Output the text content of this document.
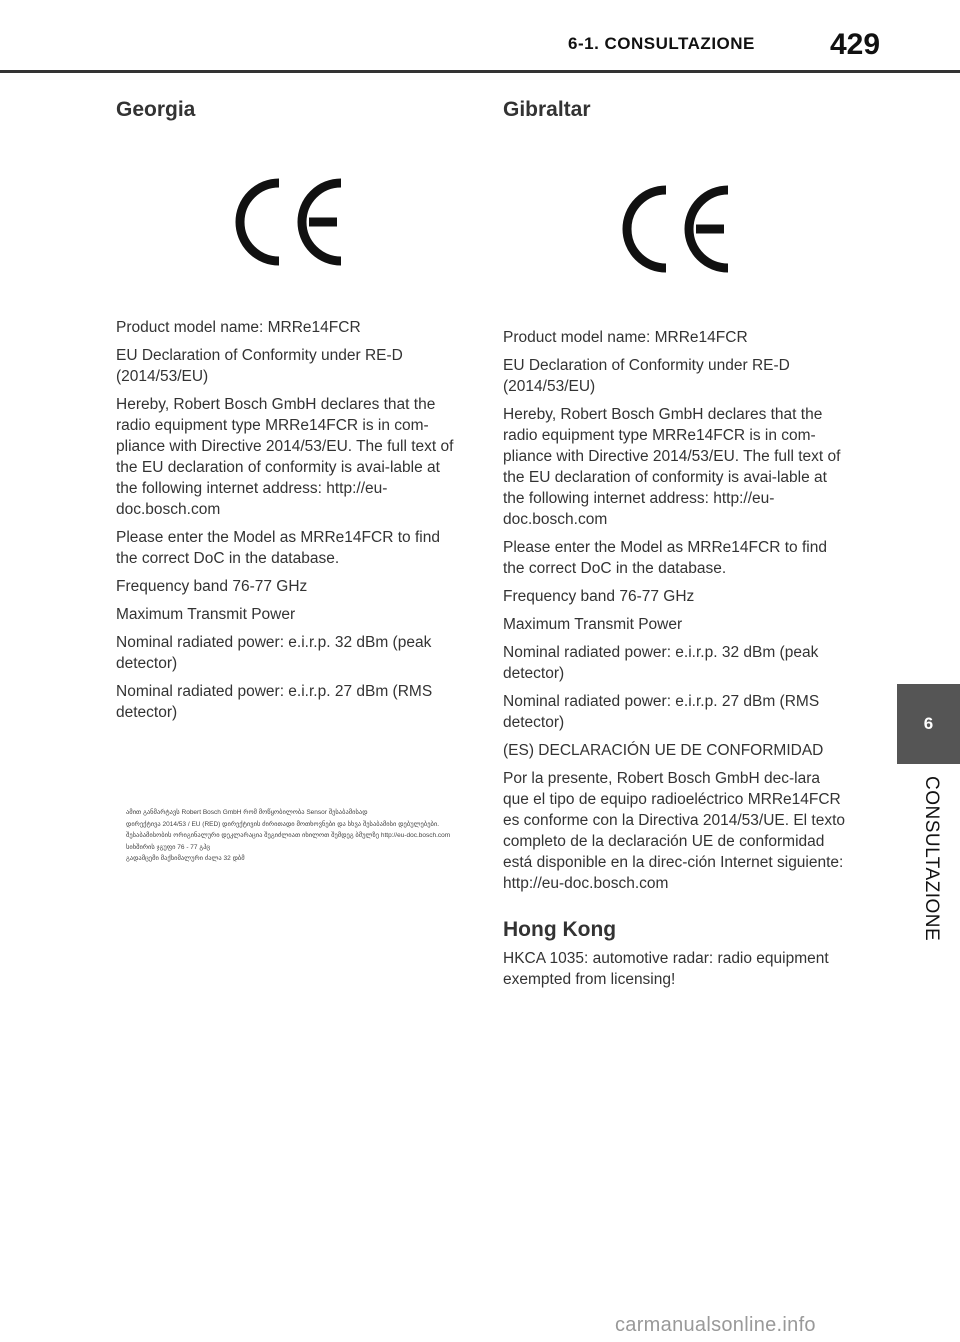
6-1. CONSULTAZIONE	429
6
CONSULTAZIONE
Georgia

Product model name: MRRe14FCR

EU Declaration of Conformity under RE-D (2014/53/EU)

Hereby, Robert Bosch GmbH declares that the radio equipment type MRRe14FCR is in com-pliance with Directive 2014/53/EU. The full text of the EU declaration of conformity is avai-lable at the following internet address: http://eu-doc.bosch.com

Please enter the Model as MRRe14FCR to find the correct DoC in the database.

Frequency band 76-77 GHz

Maximum Transmit Power

Nominal radiated power: e.i.r.p. 32 dBm (peak detector)

Nominal radiated power: e.i.r.p. 27 dBm (RMS detector)

ამით განმარტავს Robert Bosch GmbH რომ მოწყობილობა Sensor შესაბამისად
დირექტივა 2014/53 / EU (RED) დირექტივის ძირითადი მოთხოვნები და სხვა შესაბამისი დებულებები.
შესაბამისობის ორიგინალური დეკლარაცია შეგიძლიათ იხილოთ შემდეგ ბმულზე http://eu-doc.bosch.com
სიხშირის ჯგუფი 76 - 77 გჰც
გადამცემი მაქსიმალური ძალა 32 დბმ
Gibraltar

Product model name: MRRe14FCR

EU Declaration of Conformity under RE-D (2014/53/EU)

Hereby, Robert Bosch GmbH declares that the radio equipment type MRRe14FCR is in com-pliance with Directive 2014/53/EU. The full text of the EU declaration of conformity is avai-lable at the following internet address: http://eu-doc.bosch.com

Please enter the Model as MRRe14FCR to find the correct DoC in the database.

Frequency band 76-77 GHz

Maximum Transmit Power

Nominal radiated power: e.i.r.p. 32 dBm (peak detector)

Nominal radiated power: e.i.r.p. 27 dBm (RMS detector)

(ES) DECLARACIÓN UE DE CONFORMIDAD

Por la presente, Robert Bosch GmbH dec-lara que el tipo de equipo radioeléctrico MRRe14FCR es conforme con la Directiva 2014/53/UE. El texto completo de la declaración UE de conformidad está disponible en la direc-ción Internet siguiente: http://eu-doc.bosch.com

Hong Kong

HKCA 1035: automotive radar: radio equipment exempted from licensing!

carmanualsonline.info
